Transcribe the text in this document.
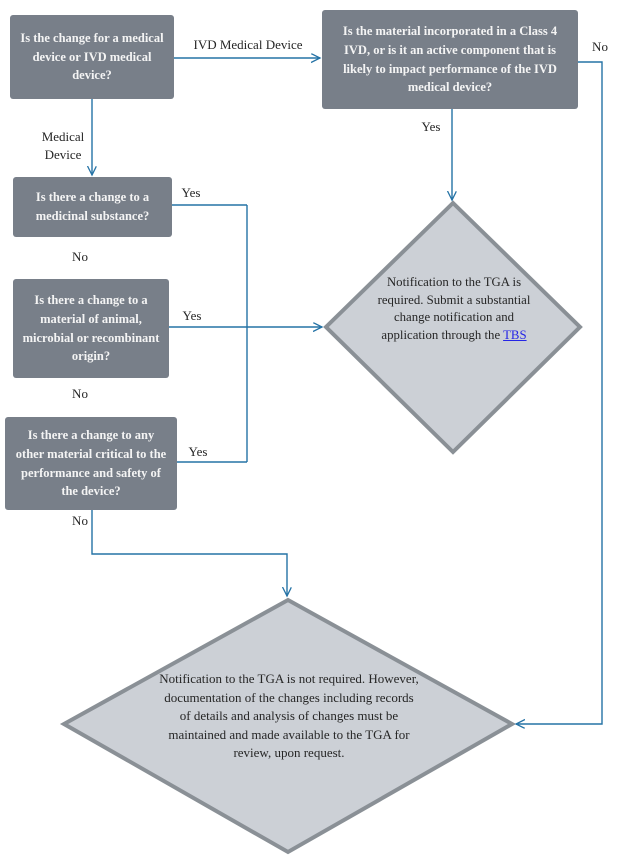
Is the change for a medical device or IVD medical device?
Is the material incorporated in a Class 4 IVD, or is it an active component that is likely to impact performance of the IVD medical device?
Is there a change to a medicinal substance?
Is there a change to a material of animal, microbial or recombinant origin?
Is there a change to any other material critical to the performance and safety of the device?
Notification to the TGA is required. Submit a substantial change notification and application through the TBS
Notification to the TGA is not required. However, documentation of the changes including records of details and analysis of changes must be maintained and made available to the TGA for review, upon request.
IVD Medical Device
Medical Device
Yes
No
Yes
No
Yes
No
Yes
No
